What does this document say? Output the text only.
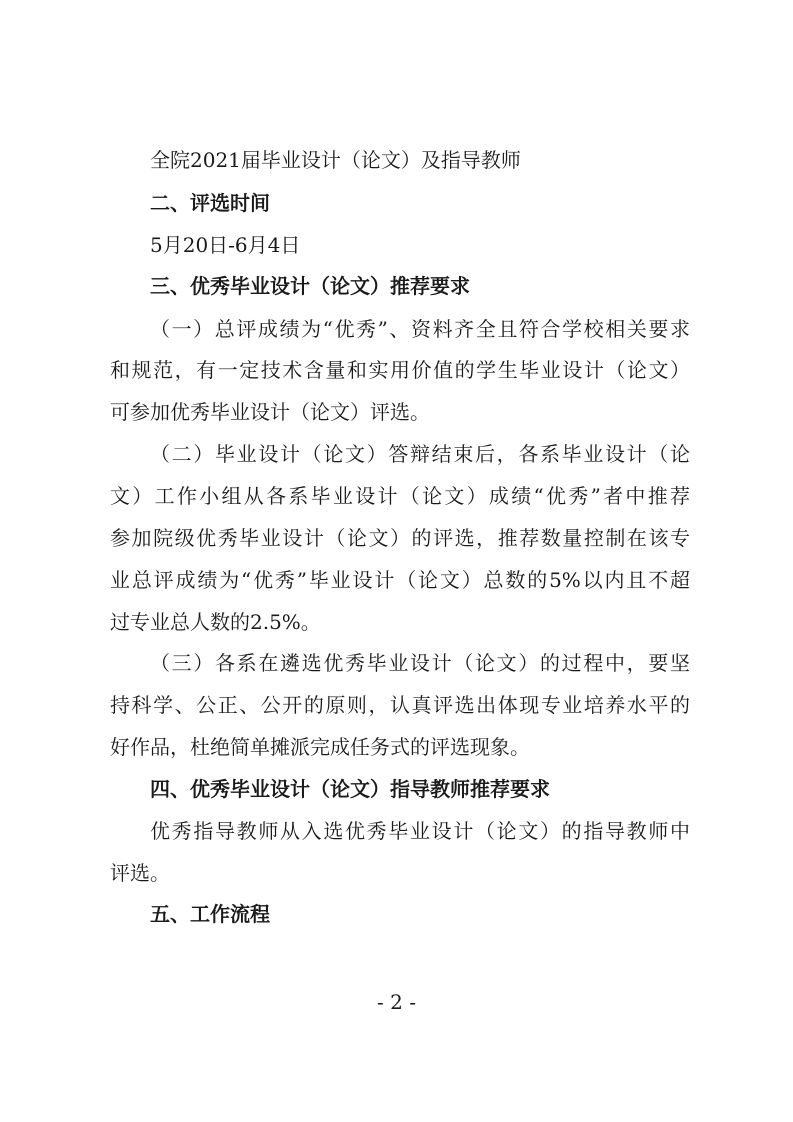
全院2021届毕业设计（论文）及指导教师
二、评选时间
5月20日-6月4日
三、优秀毕业设计（论文）推荐要求
（一）总评成绩为“优秀”、资料齐全且符合学校相关要求
和规范，有一定技术含量和实用价值的学生毕业设计（论文）
可参加优秀毕业设计（论文）评选。
（二）毕业设计（论文）答辩结束后，各系毕业设计（论
文）工作小组从各系毕业设计（论文）成绩“优秀”者中推荐
参加院级优秀毕业设计（论文）的评选，推荐数量控制在该专
业总评成绩为“优秀”毕业设计（论文）总数的5%以内且不超
过专业总人数的2.5%。
（三）各系在遴选优秀毕业设计（论文）的过程中，要坚
持科学、公正、公开的原则，认真评选出体现专业培养水平的
好作品，杜绝简单摊派完成任务式的评选现象。
四、优秀毕业设计（论文）指导教师推荐要求
优秀指导教师从入选优秀毕业设计（论文）的指导教师中
评选。
五、工作流程
- 2 -
